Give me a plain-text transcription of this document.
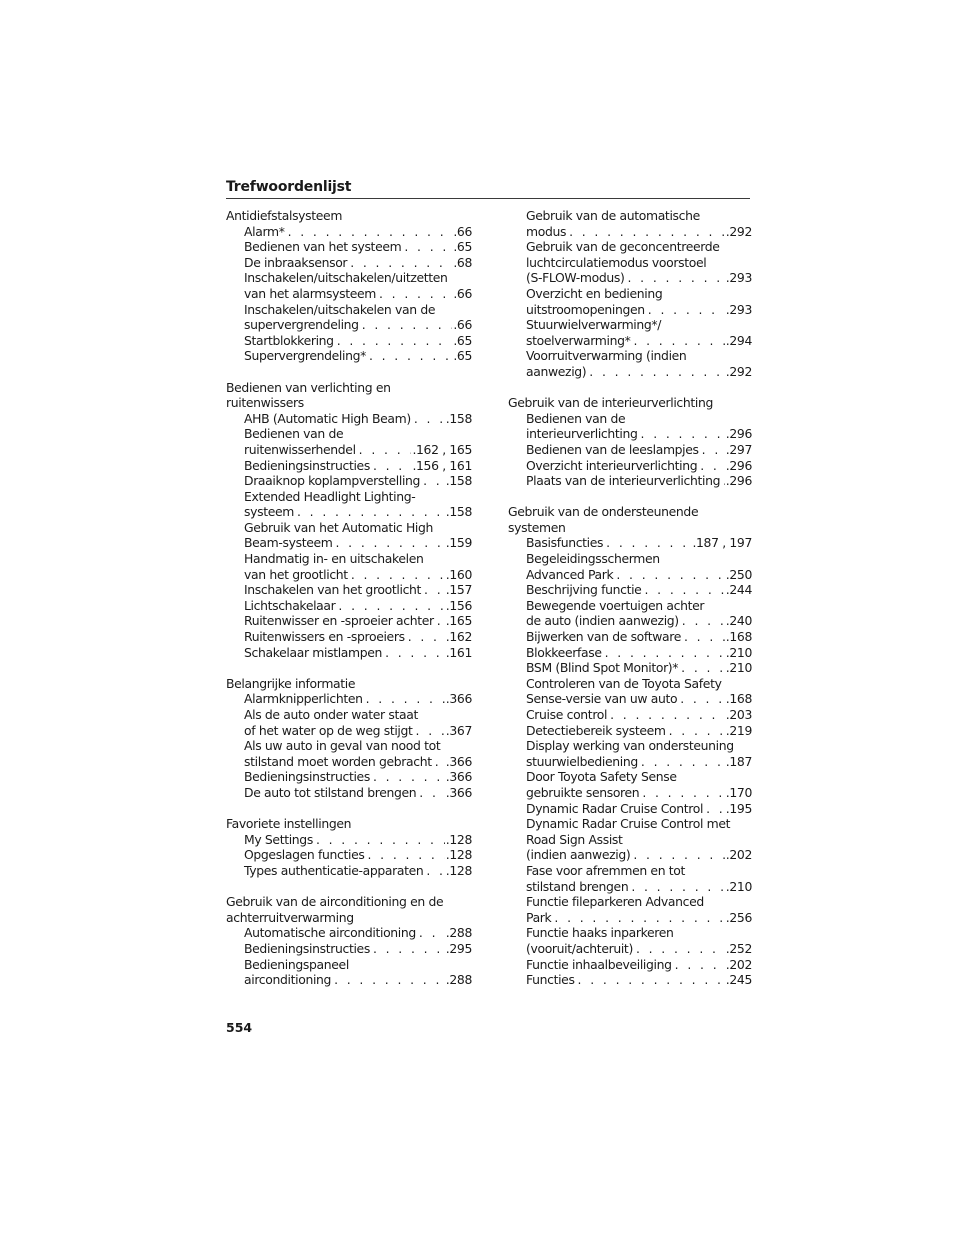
Trefwoordenlijst
Antidiefstalsysteem
Alarm* . . .	.66
Bedienen van het systeem . . .	.65
De inbraaksensor . . .	.68
Inschakelen/uitschakelen/uitzetten
van het alarmsysteem . . .	.66
Inschakelen/uitschakelen van de
supervergrendeling . . .	.66
Startblokkering . . .	.65
Supervergrendeling* . . .	.65
Bedienen van verlichting en
ruitenwissers
AHB (Automatic High Beam) . . .	.158
Bedienen van de
ruitenwisserhendel . . .	.162 , 165
Bedieningsinstructies . . .	.156 , 161
Draaiknop koplampverstelling . . . .158
Extended Headlight Lighting-
systeem . . .	.158
Gebruik van het Automatic High
Beam-systeem . . .	.159
Handmatig in- en uitschakelen
van het grootlicht . . .	.160
Inschakelen van het grootlicht . . . .157
Lichtschakelaar . . .	.156
Ruitenwisser en -sproeier achter . . . .165
Ruitenwissers en -sproeiers . . .	.162
Schakelaar mistlampen . . .	.161
Belangrijke informatie
Alarmknipperlichten . . .	.366
Als de auto onder water staat
of het water op de weg stijgt . . .	.367
Als uw auto in geval van nood tot
stilstand moet worden gebracht . . . .366
Bedieningsinstructies . . .	.366
De auto tot stilstand brengen . . . .366
Favoriete instellingen
My Settings . . .	.128
Opgeslagen functies . . .	.128
Types authenticatie-apparaten . . . .128
Gebruik van de airconditioning en de
achterruitverwarming
Automatische airconditioning . . . .288
Bedieningsinstructies . . .	.295
Bedieningspaneel
airconditioning . . .	.288
Gebruik van de automatische
modus . . .	.292
Gebruik van de geconcentreerde
luchtcirculatiemodus voorstoel
(S-FLOW-modus) . . .	.293
Overzicht en bediening
uitstroomopeningen . . .	.293
Stuurwielverwarming*/
stoelverwarming* . . .	.294
Voorruitverwarming (indien
aanwezig) . . .	.292
Gebruik van de interieurverlichting
Bedienen van de
interieurverlichting . . .	.296
Bedienen van de leeslampjes . . . .297
Overzicht interieurverlichting . . . .296
Plaats van de interieurverlichting . . . .296
Gebruik van de ondersteunende
systemen
Basisfuncties . . .	.187 , 197
Begeleidingsschermen
Advanced Park . . .	.250
Beschrijving functie . . .	.244
Bewegende voertuigen achter
de auto (indien aanwezig) . . .	.240
Bijwerken van de software . . .	.168
Blokkeerfase . . .	.210
BSM (Blind Spot Monitor)* . . .	.210
Controleren van de Toyota Safety
Sense-versie van uw auto . . .	.168
Cruise control . . .	.203
Detectiebereik systeem . . .	.219
Display werking van ondersteuning
stuurwielbediening . . .	.187
Door Toyota Safety Sense
gebruikte sensoren . . .	.170
Dynamic Radar Cruise Control . . . .195
Dynamic Radar Cruise Control met
Road Sign Assist
(indien aanwezig) . . .	.202
Fase voor afremmen en tot
stilstand brengen . . .	.210
Functie fileparkeren Advanced
Park . . .	.256
Functie haaks inparkeren
(vooruit/achteruit) . . .	.252
Functie inhaalbeveiliging . . .	.202
Functies . . .	.245
554
